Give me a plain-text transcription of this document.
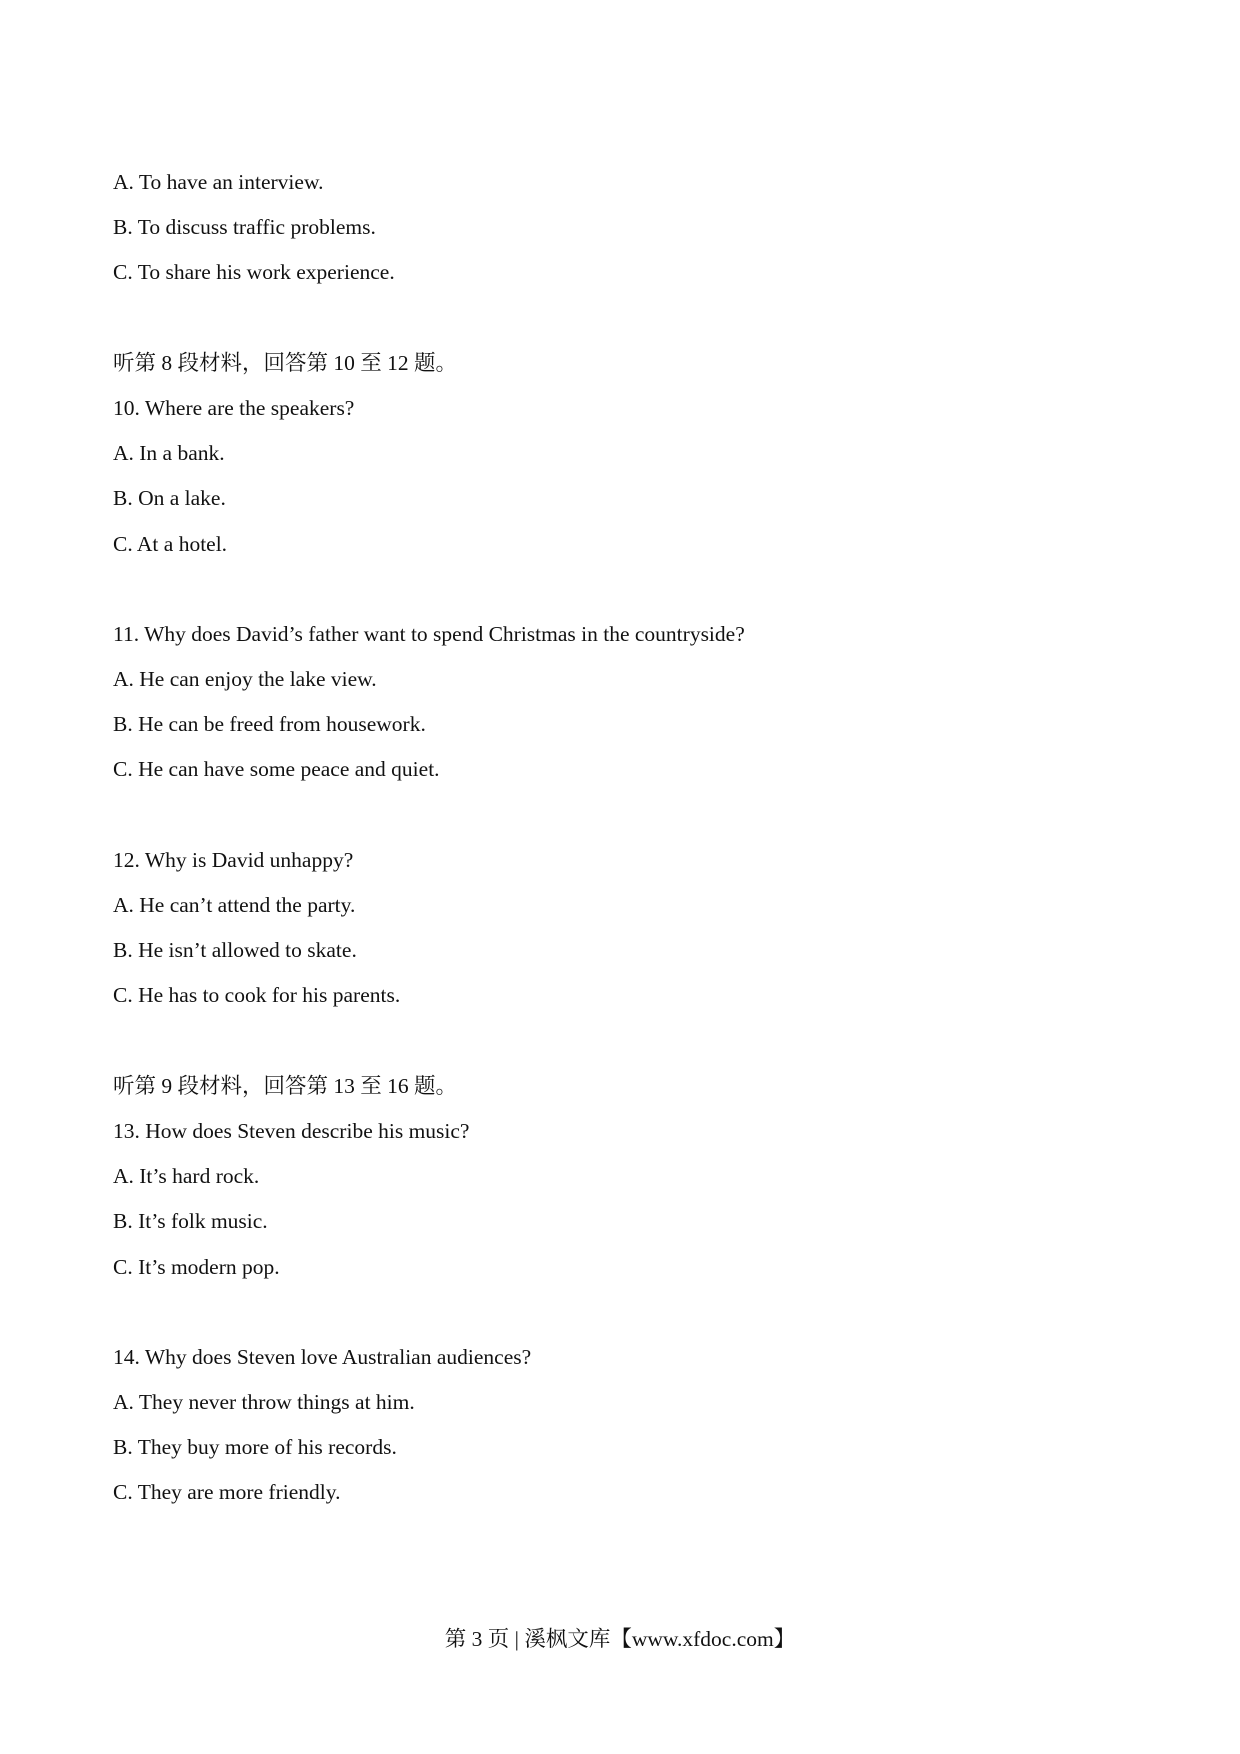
A. To have an interview.
B. To discuss traffic problems.
C. To share his work experience.
听第 8 段材料，回答第 10 至 12 题。
10. Where are the speakers?
A. In a bank.
B. On a lake.
C. At a hotel.
11. Why does David’s father want to spend Christmas in the countryside?
A. He can enjoy the lake view.
B. He can be freed from housework.
C. He can have some peace and quiet.
12. Why is David unhappy?
A. He can’t attend the party.
B. He isn’t allowed to skate.
C. He has to cook for his parents.
听第 9 段材料，回答第 13 至 16 题。
13. How does Steven describe his music?
A. It’s hard rock.
B. It’s folk music.
C. It’s modern pop.
14. Why does Steven love Australian audiences?
A. They never throw things at him.
B. They buy more of his records.
C. They are more friendly.
第 3 页 | 溪枫文库【www.xfdoc.com】
